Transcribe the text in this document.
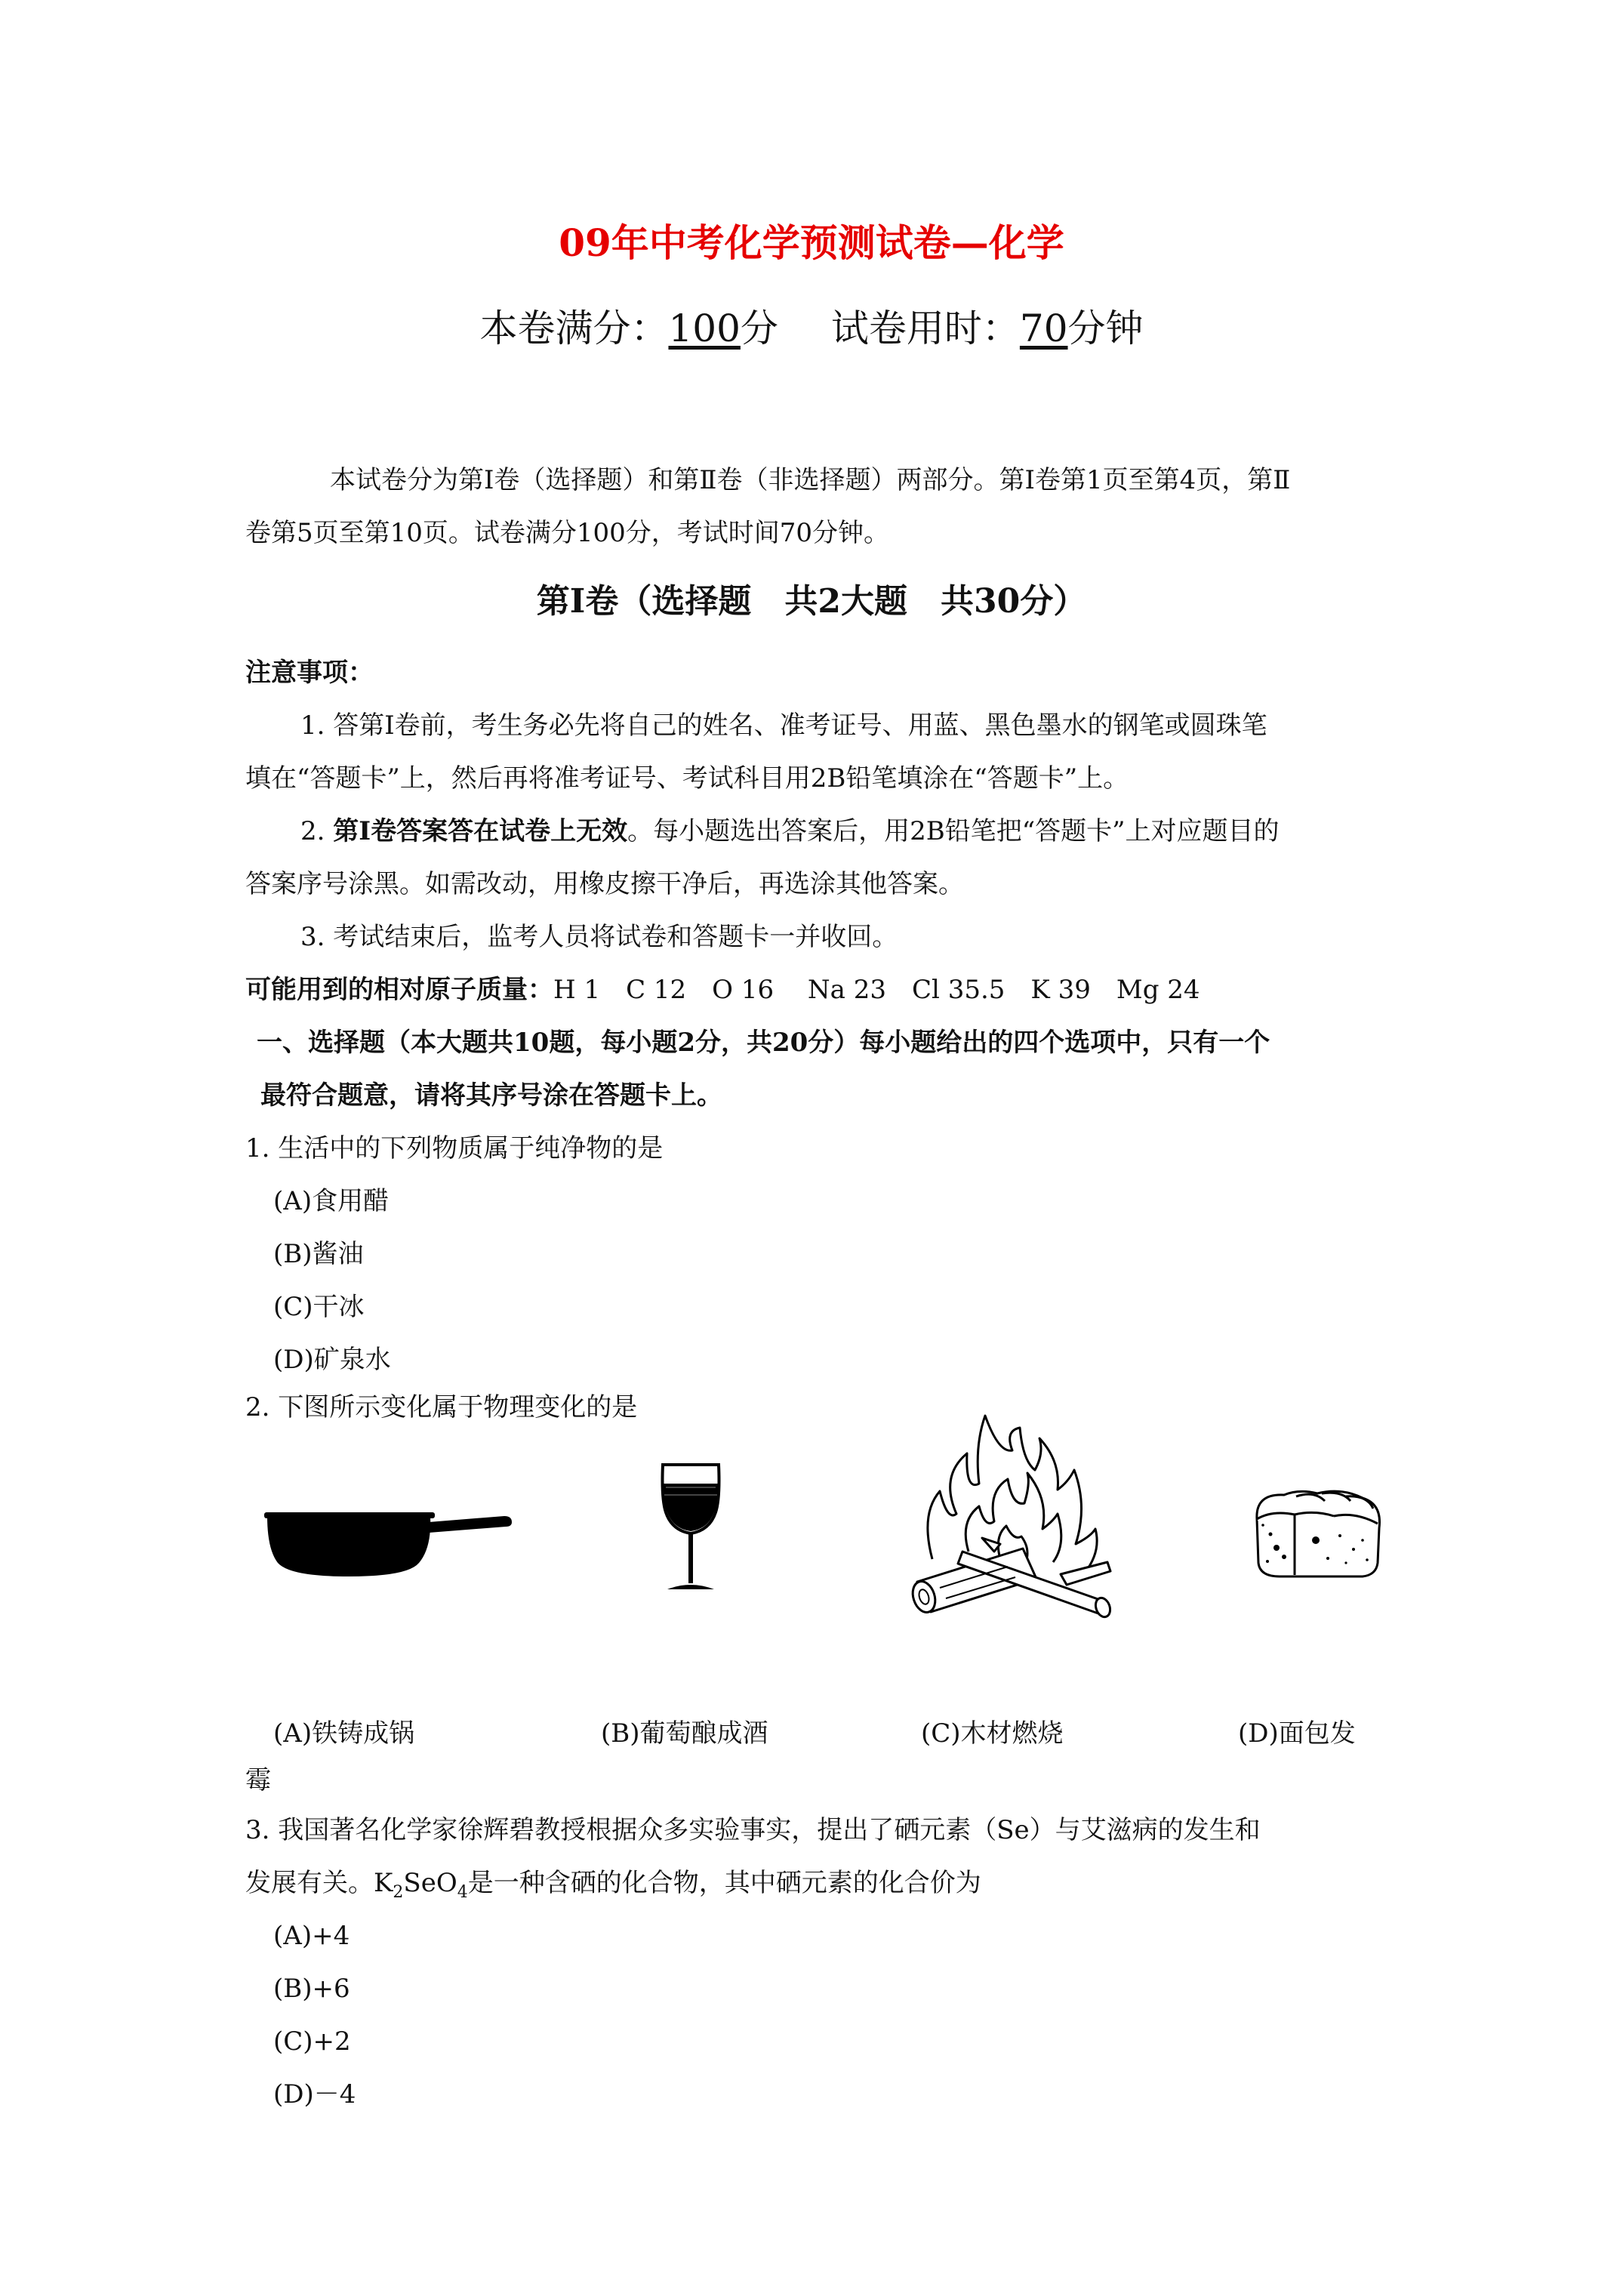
09年中考化学预测试卷—化学
本卷满分：100分 试卷用时：70分钟
本试卷分为第Ⅰ卷（选择题）和第Ⅱ卷（非选择题）两部分。第Ⅰ卷第1页至第4页，第Ⅱ
卷第5页至第10页。试卷满分100分，考试时间70分钟。
第Ⅰ卷（选择题　共2大题　共30分）
注意事项：
1. 答第Ⅰ卷前，考生务必先将自己的姓名、准考证号、用蓝、黑色墨水的钢笔或圆珠笔
填在“答题卡”上，然后再将准考证号、考试科目用2B铅笔填涂在“答题卡”上。
2. 第Ⅰ卷答案答在试卷上无效。每小题选出答案后，用2B铅笔把“答题卡”上对应题目的
答案序号涂黑。如需改动，用橡皮擦干净后，再选涂其他答案。
3. 考试结束后，监考人员将试卷和答题卡一并收回。
可能用到的相对原子质量：H 1　C 12　O 16　 Na 23　Cl 35.5　K 39　Mg 24
一、选择题（本大题共10题，每小题2分，共20分）每小题给出的四个选项中，只有一个
最符合题意，请将其序号涂在答题卡上。
1. 生活中的下列物质属于纯净物的是
(A)食用醋
(B)酱油
(C)干冰
(D)矿泉水
2. 下图所示变化属于物理变化的是
(A)铁铸成锅	(B)葡萄酿成酒	(C)木材燃烧	(D)面包发
霉
3. 我国著名化学家徐辉碧教授根据众多实验事实，提出了硒元素（Se）与艾滋病的发生和
发展有关。$K_2SeO_4$是一种含硒的化合物，其中硒元素的化合价为
(A)+4
(B)+6
(C)+2
(D)－4
